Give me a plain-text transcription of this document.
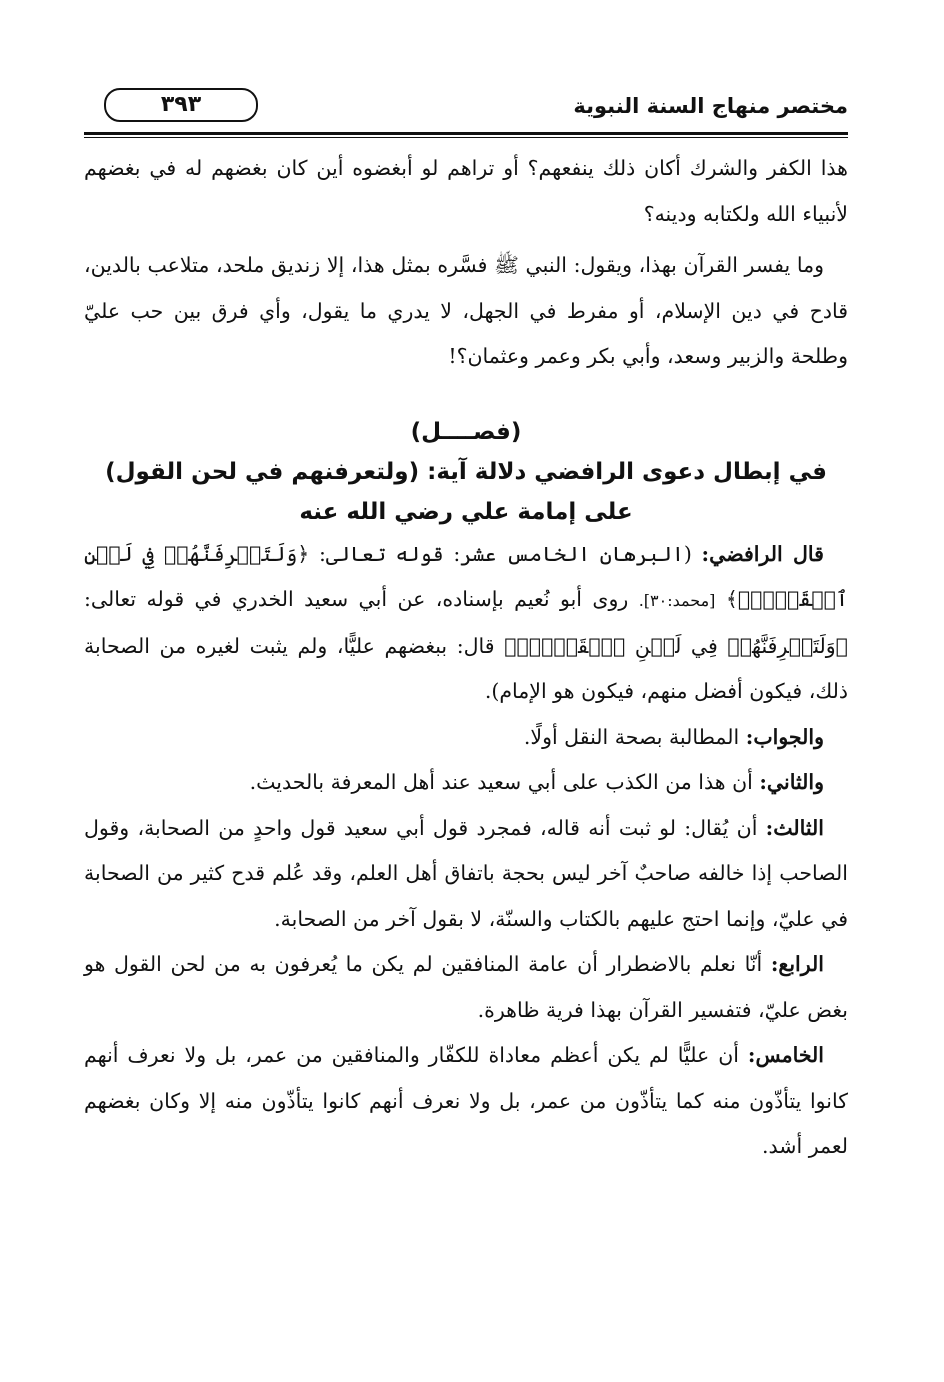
مختصر منهاج السنة النبوية
٣٩٣

هذا الكفر والشرك أكان ذلك ينفعهم؟ أو تراهم لو أبغضوه أين كان بغضهم له في بغضهم لأنبياء الله ولكتابه ودينه؟

وما يفسر القرآن بهذا، ويقول: النبي ﷺ فسَّره بمثل هذا، إلا زنديق ملحد، متلاعب بالدين، قادح في دين الإسلام، أو مفرط في الجهل، لا يدري ما يقول، وأي فرق بين حب عليّ وطلحة والزبير وسعد، وأبي بكر وعمر وعثمان؟!

(فصــــل)
في إبطال دعوى الرافضي دلالة آية: (ولتعرفنهم في لحن القول)
على إمامة علي رضي الله عنه

قال الرافضي: (البرهان الخامس عشر: قوله تعالى: ﴿وَلَتَعۡرِفَنَّهُمۡ فِي لَحۡنِ ٱلۡقَوۡلِۚ﴾ [محمد:٣٠]. روى أبو نُعيم بإسناده، عن أبي سعيد الخدري في قوله تعالى: ﴿وَلَتَعۡرِفَنَّهُمۡ فِي لَحۡنِ ٱلۡقَوۡلِۚ﴾ قال: ببغضهم عليًّا، ولم يثبت لغيره من الصحابة ذلك، فيكون أفضل منهم، فيكون هو الإمام).

والجواب: المطالبة بصحة النقل أولًا.

والثاني: أن هذا من الكذب على أبي سعيد عند أهل المعرفة بالحديث.

الثالث: أن يُقال: لو ثبت أنه قاله، فمجرد قول أبي سعيد قول واحدٍ من الصحابة، وقول الصاحب إذا خالفه صاحبٌ آخر ليس بحجة باتفاق أهل العلم، وقد عُلم قدح كثير من الصحابة في عليّ، وإنما احتج عليهم بالكتاب والسنّة، لا بقول آخر من الصحابة.

الرابع: أنّا نعلم بالاضطرار أن عامة المنافقين لم يكن ما يُعرفون به من لحن القول هو بغض عليّ، فتفسير القرآن بهذا فرية ظاهرة.

الخامس: أن عليًّا لم يكن أعظم معاداة للكفّار والمنافقين من عمر، بل ولا نعرف أنهم كانوا يتأذّون منه كما يتأذّون من عمر، بل ولا نعرف أنهم كانوا يتأذّون منه إلا وكان بغضهم لعمر أشد.
